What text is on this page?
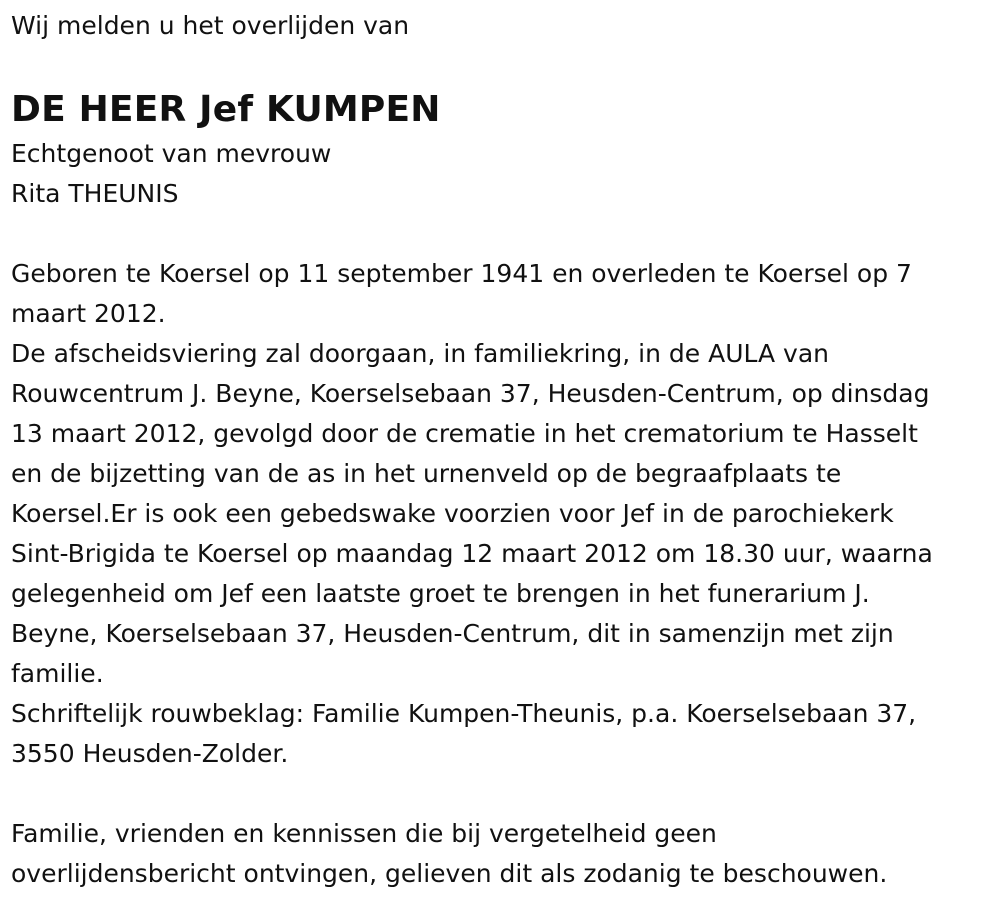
Wij melden u het overlijden van

DE HEER Jef KUMPEN

Echtgenoot van mevrouw

Rita THEUNIS

Geboren te Koersel op 11 september 1941 en overleden te Koersel op 7

maart 2012.

De afscheidsviering zal doorgaan, in familiekring, in de AULA van

Rouwcentrum J. Beyne, Koerselsebaan 37, Heusden-Centrum, op dinsdag

13 maart 2012, gevolgd door de crematie in het crematorium te Hasselt

en de bijzetting van de as in het urnenveld op de begraafplaats te

Koersel.Er is ook een gebedswake voorzien voor Jef in de parochiekerk

Sint-Brigida te Koersel op maandag 12 maart 2012 om 18.30 uur, waarna

gelegenheid om Jef een laatste groet te brengen in het funerarium J.

Beyne, Koerselsebaan 37, Heusden-Centrum, dit in samenzijn met zijn

familie.

Schriftelijk rouwbeklag: Familie Kumpen-Theunis, p.a. Koerselsebaan 37,

3550 Heusden-Zolder.

Familie, vrienden en kennissen die bij vergetelheid geen

overlijdensbericht ontvingen, gelieven dit als zodanig te beschouwen.
